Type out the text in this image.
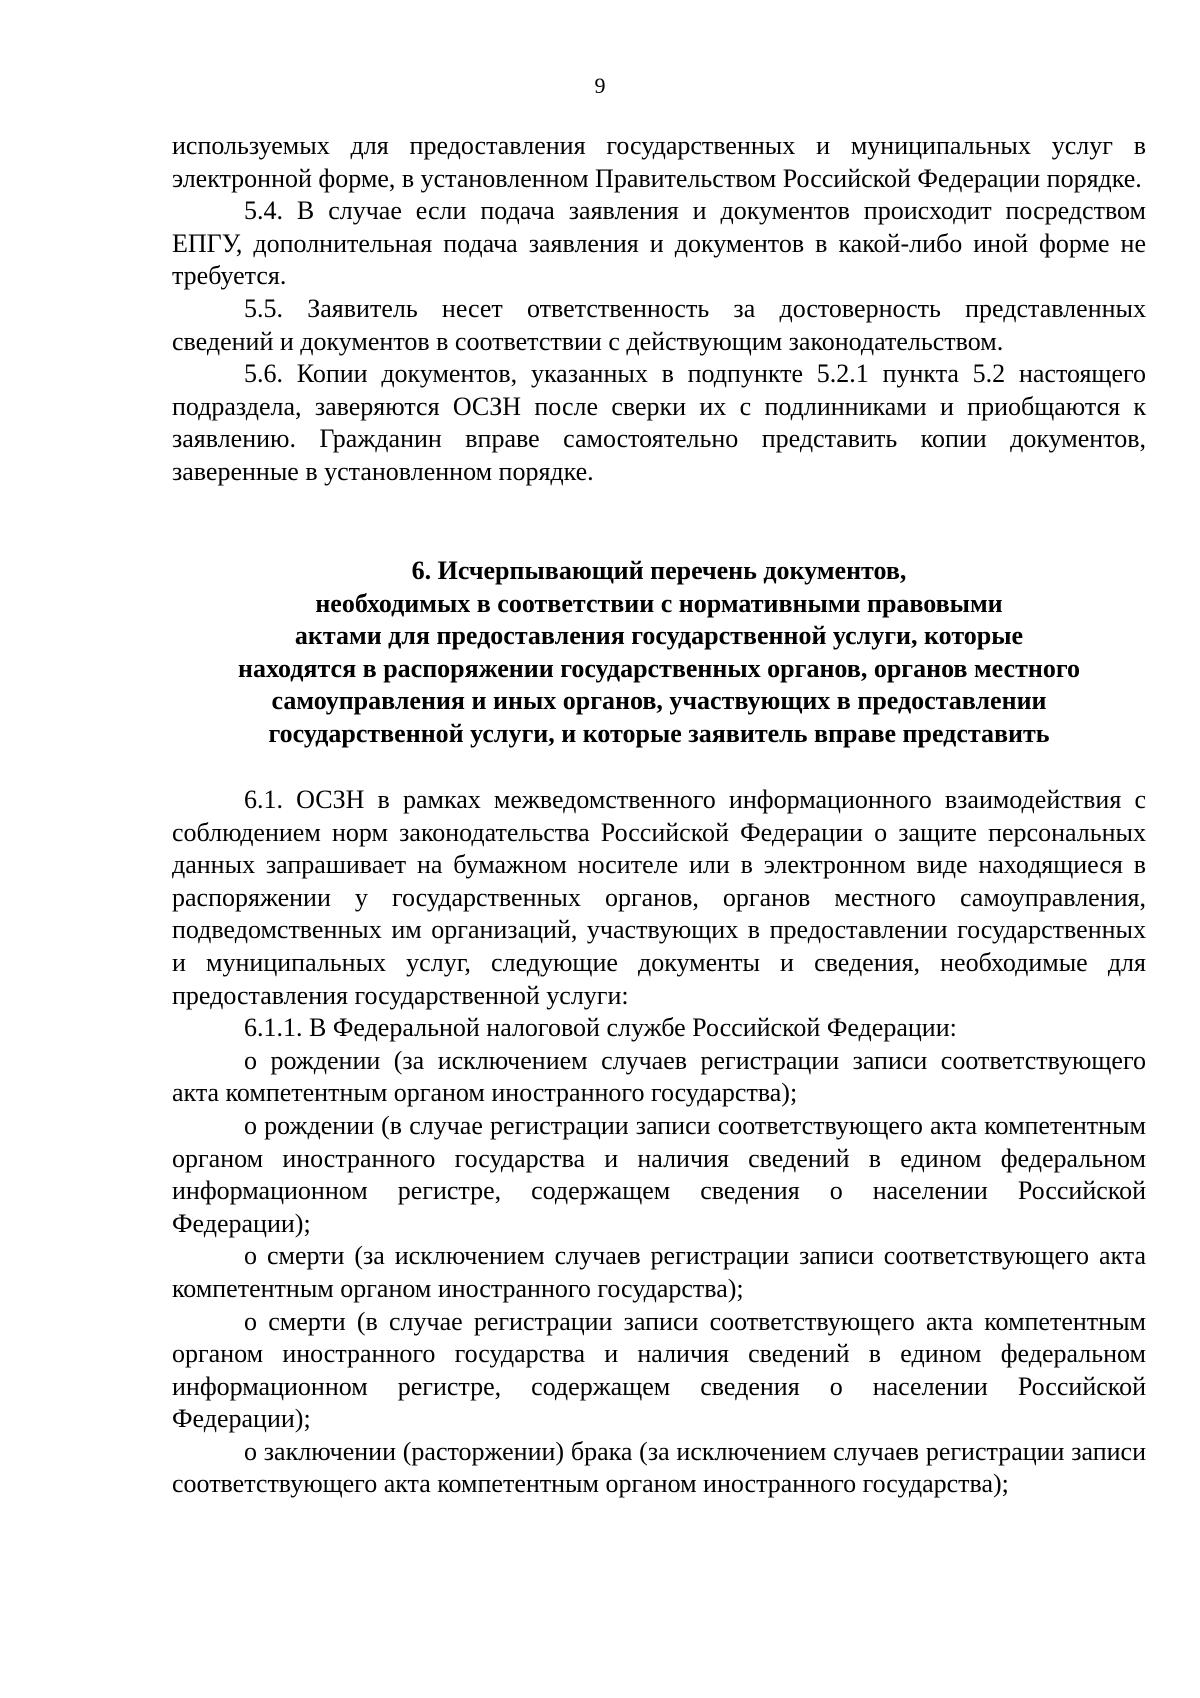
9

используемых для предоставления государственных и муниципальных услуг в электронной форме, в установленном Правительством Российской Федерации порядке.

5.4. В случае если подача заявления и документов происходит посредством ЕПГУ, дополнительная подача заявления и документов в какой-либо иной форме не требуется.

5.5. Заявитель несет ответственность за достоверность представленных сведений и документов в соответствии с действующим законодательством.

5.6. Копии документов, указанных в подпункте 5.2.1 пункта 5.2 настоящего подраздела, заверяются ОСЗН после сверки их с подлинниками и приобщаются к заявлению. Гражданин вправе самостоятельно представить копии документов, заверенные в установленном порядке.

6. Исчерпывающий перечень документов,
необходимых в соответствии с нормативными правовыми
актами для предоставления государственной услуги, которые
находятся в распоряжении государственных органов, органов местного
самоуправления и иных органов, участвующих в предоставлении
государственной услуги, и которые заявитель вправе представить

6.1. ОСЗН в рамках межведомственного информационного взаимодействия с соблюдением норм законодательства Российской Федерации о защите персональных данных запрашивает на бумажном носителе или в электронном виде находящиеся в распоряжении у государственных органов, органов местного самоуправления, подведомственных им организаций, участвующих в предоставлении государственных и муниципальных услуг, следующие документы и сведения, необходимые для предоставления государственной услуги:

6.1.1. В Федеральной налоговой службе Российской Федерации:

о рождении (за исключением случаев регистрации записи соответствующего акта компетентным органом иностранного государства);

о рождении (в случае регистрации записи соответствующего акта компетентным органом иностранного государства и наличия сведений в едином федеральном информационном регистре, содержащем сведения о населении Российской Федерации);

о смерти (за исключением случаев регистрации записи соответствующего акта компетентным органом иностранного государства);

о смерти (в случае регистрации записи соответствующего акта компетентным органом иностранного государства и наличия сведений в едином федеральном информационном регистре, содержащем сведения о населении Российской Федерации);

о заключении (расторжении) брака (за исключением случаев регистрации записи соответствующего акта компетентным органом иностранного государства);
